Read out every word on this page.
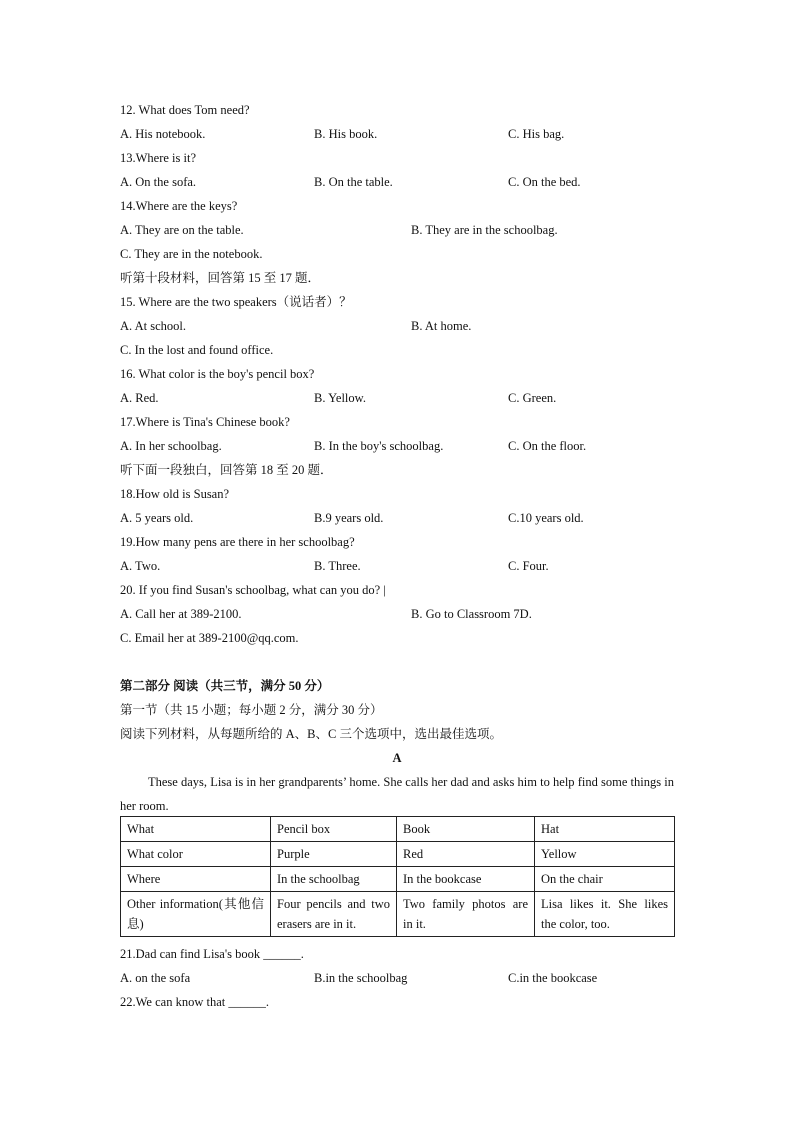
12. What does Tom need?
A. His notebook.	B. His book.	C. His bag.
13.Where is it?
A. On the sofa.	B. On the table.	C. On the bed.
14.Where are the keys?
A. They are on the table.	B. They are in the schoolbag.
C. They are in the notebook.
听第十段材料，回答第 15 至 17 题．
15. Where are the two speakers（说话者）？
A. At school.	B. At home.
C. In the lost and found office.
16. What color is the boy's pencil box?
A. Red.	B. Yellow.	C. Green.
17.Where is Tina's Chinese book?
A. In her schoolbag.	B. In the boy's schoolbag.	C. On the floor.
听下面一段独白，回答第 18 至 20 题．
18.How old is Susan?
A. 5 years old.	B.9 years old.	C.10 years old.
19.How many pens are there in her schoolbag?
A. Two.	B. Three.	C. Four.
20. If you find Susan's schoolbag, what can you do? |
A. Call her at 389-2100.	B. Go to Classroom 7D.
C. Email her at 389-2100@qq.com.
第二部分 阅读（共三节，满分 50 分）
第一节（共 15 小题；每小题 2 分，满分 30 分）
阅读下列材料，从每题所给的 A、B、C 三个选项中，选出最佳选项。
A

These days, Lisa is in her grandparents’ home. She calls her dad and asks him to help find some things in her room.

What	Pencil box	Book	Hat
What color	Purple	Red	Yellow
Where	In the schoolbag	In the bookcase	On the chair
Other information(其他信息)	Four pencils and two erasers are in it.	Two family photos are in it.	Lisa likes it. She likes the color, too.
21.Dad can find Lisa's book ______.
A. on the sofa	B.in the schoolbag	C.in the bookcase
22.We can know that ______.
